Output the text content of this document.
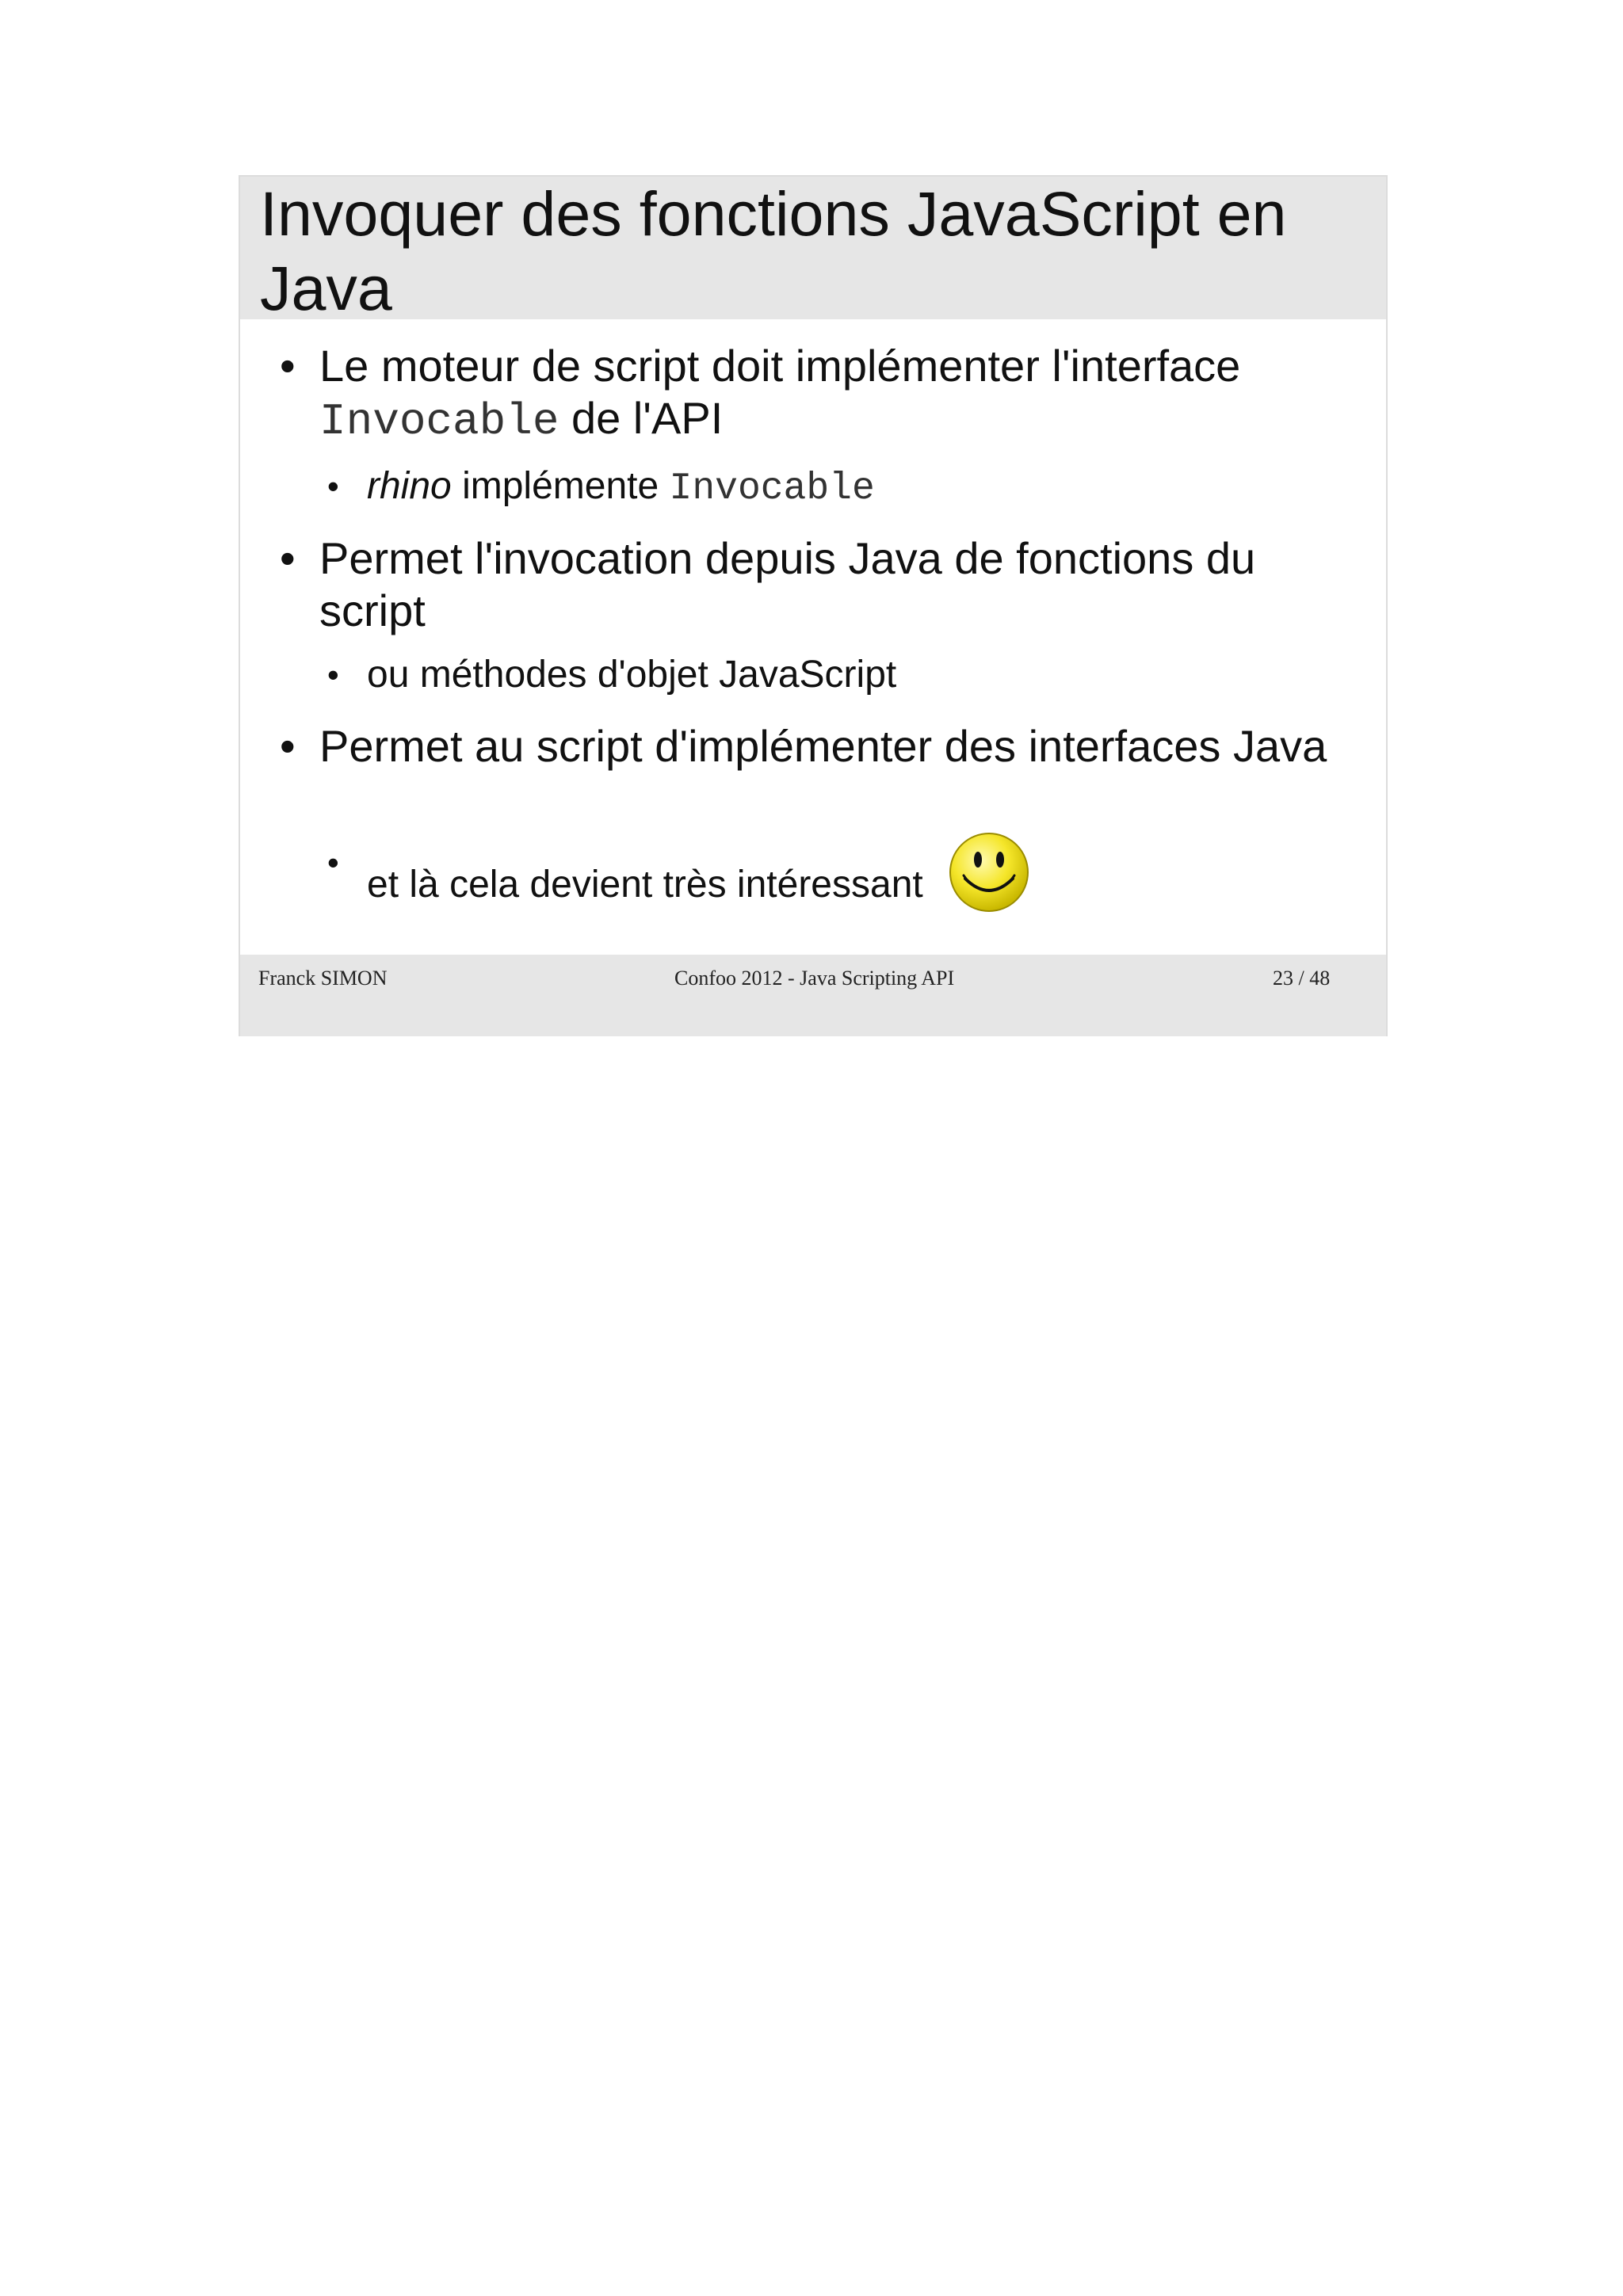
Invoquer des fonctions JavaScript en Java
• Le moteur de script doit implémenter l'interface
Invocable de l'API
• rhino implémente Invocable
• Permet l'invocation depuis Java de fonctions du script
• ou méthodes d'objet JavaScript
• Permet au script d'implémenter des interfaces Java
•
et là cela devient très intéressant
Franck SIMON	Confoo 2012 - Java Scripting API	23 / 48
